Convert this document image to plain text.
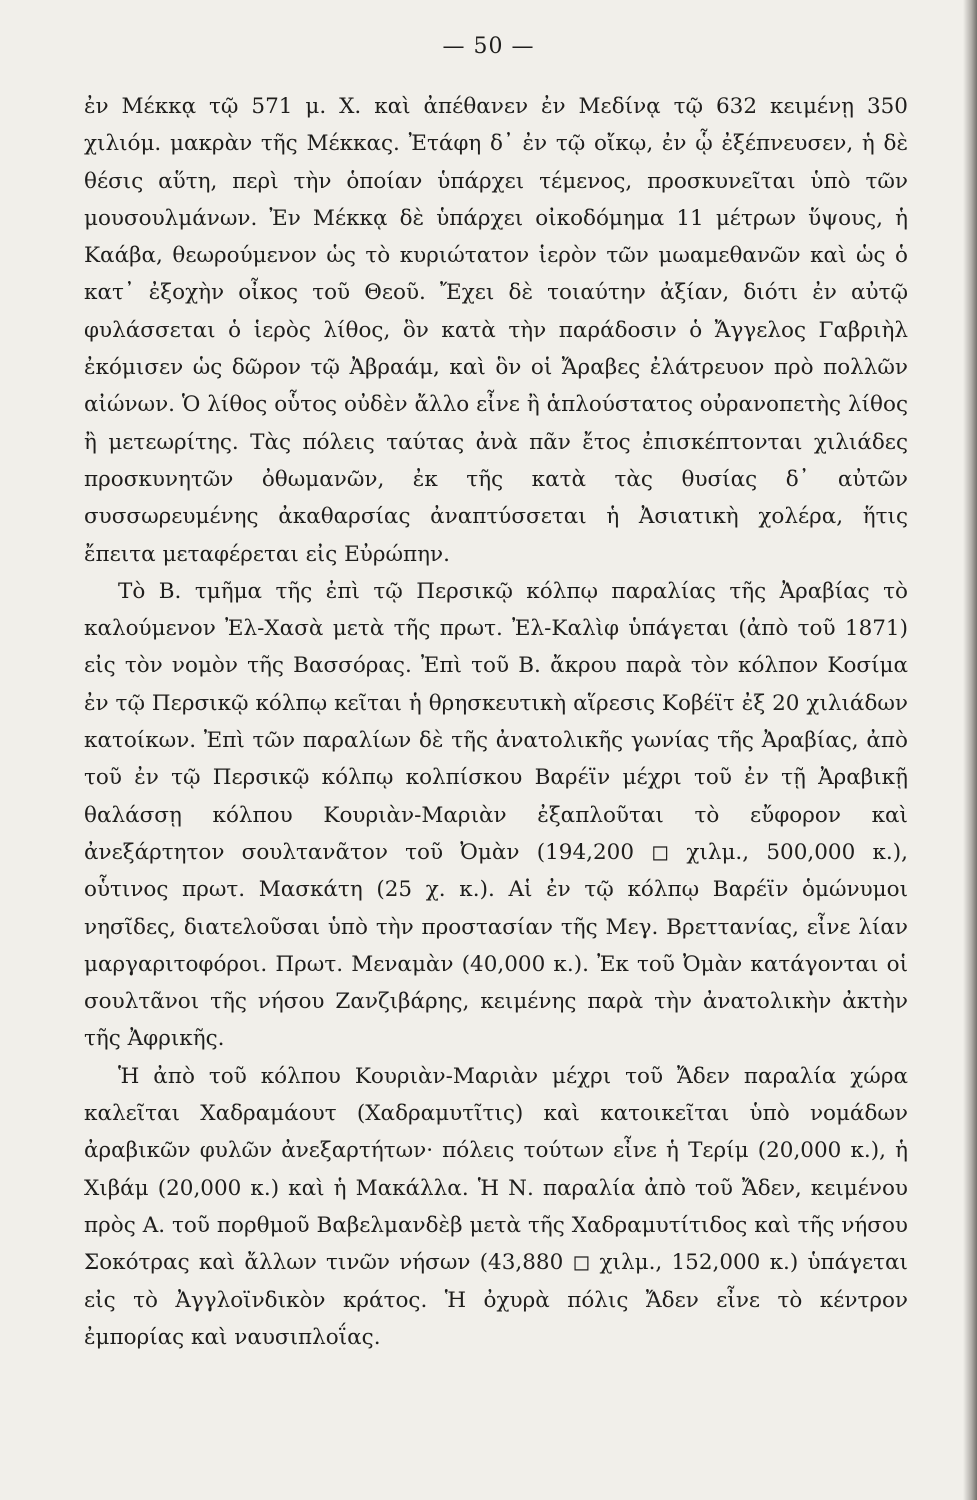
— 50 —

ἐν Μέκκᾳ τῷ 571 μ. Χ. καὶ ἀπέθανεν ἐν Μεδίνᾳ τῷ 632 κειμένῃ 350 χιλιόμ. μακρὰν τῆς Μέκκας. Ἐτάφη δ᾿ ἐν τῷ οἴκῳ, ἐν ᾧ ἐξέπνευσεν, ἡ δὲ θέσις αὕτη, περὶ τὴν ὁποίαν ὑπάρχει τέμενος, προσκυνεῖται ὑπὸ τῶν μουσουλμάνων. Ἐν Μέκκᾳ δὲ ὑπάρχει οἰκοδόμημα 11 μέτρων ὕψους, ἡ Καάβα, θεωρούμενον ὡς τὸ κυριώτατον ἱερὸν τῶν μωαμεθανῶν καὶ ὡς ὁ κατ᾿ ἐξοχὴν οἶκος τοῦ Θεοῦ. Ἔχει δὲ τοιαύτην ἀξίαν, διότι ἐν αὐτῷ φυλάσσεται ὁ ἱερὸς λίθος, ὃν κατὰ τὴν παράδοσιν ὁ Ἄγγελος Γαβριὴλ ἐκόμισεν ὡς δῶρον τῷ Ἀβραάμ, καὶ ὃν οἱ Ἄραβες ἐλάτρευον πρὸ πολλῶν αἰώνων. Ὁ λίθος οὗτος οὐδὲν ἄλλο εἶνε ἢ ἁπλούστατος οὐρανοπετὴς λίθος ἢ μετεωρίτης. Τὰς πόλεις ταύτας ἀνὰ πᾶν ἔτος ἐπισκέπτονται χιλιάδες προσκυνητῶν ὀθωμανῶν, ἐκ τῆς κατὰ τὰς θυσίας δ᾿ αὐτῶν συσσωρευμένης ἀκαθαρσίας ἀναπτύσσεται ἡ Ἀσιατικὴ χολέρα, ἥτις ἔπειτα μεταφέρεται εἰς Εὐρώπην.

Τὸ Β. τμῆμα τῆς ἐπὶ τῷ Περσικῷ κόλπῳ παραλίας τῆς Ἀραβίας τὸ καλούμενον Ἐλ-Χασὰ μετὰ τῆς πρωτ. Ἐλ-Καλὶφ ὑπάγεται (ἀπὸ τοῦ 1871) εἰς τὸν νομὸν τῆς Βασσόρας. Ἐπὶ τοῦ Β. ἄκρου παρὰ τὸν κόλπον Κοσίμα ἐν τῷ Περσικῷ κόλπῳ κεῖται ἡ θρησκευτικὴ αἵρεσις Κοβέϊτ ἐξ 20 χιλιάδων κατοίκων. Ἐπὶ τῶν παραλίων δὲ τῆς ἀνατολικῆς γωνίας τῆς Ἀραβίας, ἀπὸ τοῦ ἐν τῷ Περσικῷ κόλπῳ κολπίσκου Βαρέϊν μέχρι τοῦ ἐν τῇ Ἀραβικῇ θαλάσσῃ κόλπου Κουριὰν-Μαριὰν ἐξαπλοῦται τὸ εὔφορον καὶ ἀνεξάρτητον σουλτανᾶτον τοῦ Ὀμὰν (194,200 ◻ χιλμ., 500,000 κ.), οὗτινος πρωτ. Μασκάτη (25 χ. κ.). Αἱ ἐν τῷ κόλπῳ Βαρέϊν ὁμώνυμοι νησῖδες, διατελοῦσαι ὑπὸ τὴν προστασίαν τῆς Μεγ. Βρεττανίας, εἶνε λίαν μαργαριτοφόροι. Πρωτ. Μεναμὰν (40,000 κ.). Ἐκ τοῦ Ὀμὰν κατάγονται οἱ σουλτᾶνοι τῆς νήσου Ζανζιβάρης, κειμένης παρὰ τὴν ἀνατολικὴν ἀκτὴν τῆς Ἀφρικῆς.

Ἡ ἀπὸ τοῦ κόλπου Κουριὰν-Μαριὰν μέχρι τοῦ Ἄδεν παραλία χώρα καλεῖται Χαδραμάουτ (Χαδραμυτῖτις) καὶ κατοικεῖται ὑπὸ νομάδων ἀραβικῶν φυλῶν ἀνεξαρτήτων· πόλεις τούτων εἶνε ἡ Τερίμ (20,000 κ.), ἡ Χιβάμ (20,000 κ.) καὶ ἡ Μακάλλα. Ἡ Ν. παραλία ἀπὸ τοῦ Ἄδεν, κειμένου πρὸς Α. τοῦ πορθμοῦ Βαβελμανδὲβ μετὰ τῆς Χαδραμυτίτιδος καὶ τῆς νήσου Σοκότρας καὶ ἄλλων τινῶν νήσων (43,880 ◻ χιλμ., 152,000 κ.) ὑπάγεται εἰς τὸ Ἀγγλοϊνδικὸν κράτος. Ἡ ὀχυρὰ πόλις Ἄδεν εἶνε τὸ κέντρον ἐμπορίας καὶ ναυσιπλοΐας.
